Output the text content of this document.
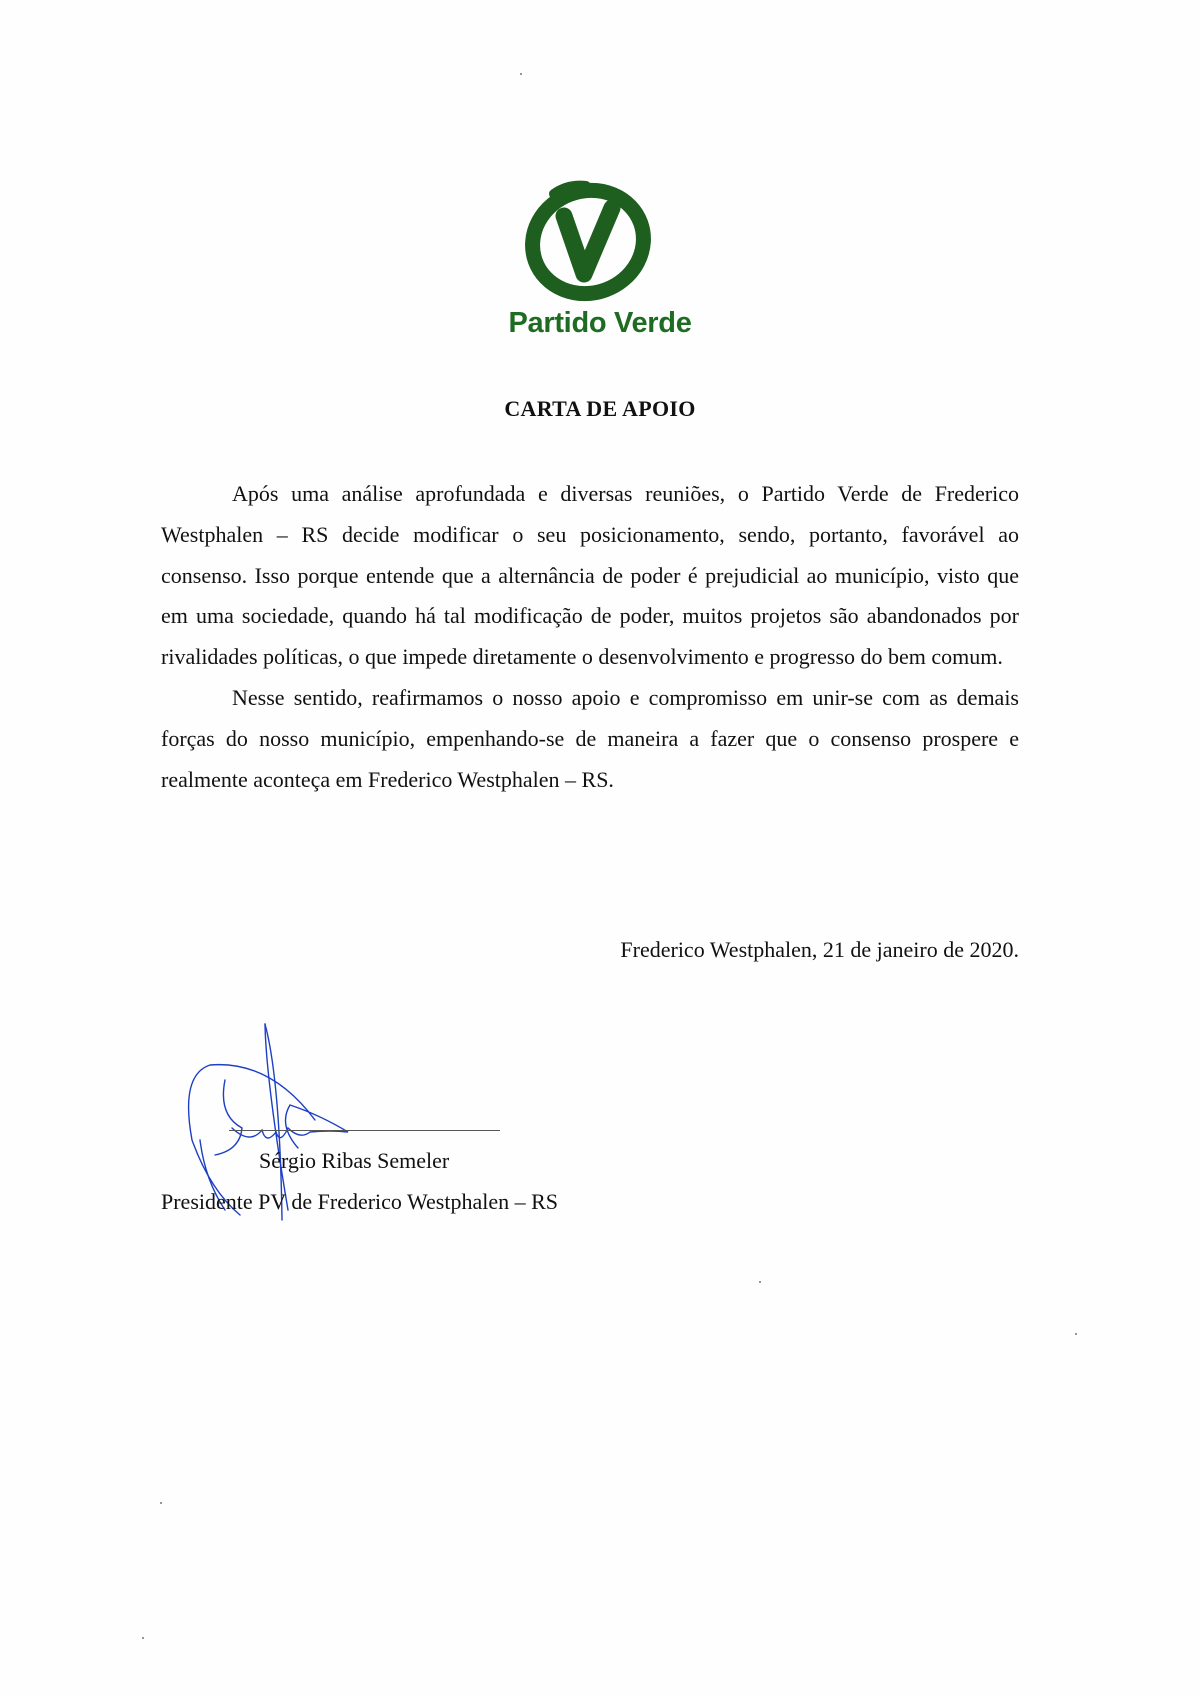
Partido Verde
CARTA DE APOIO

Após uma análise aprofundada e diversas reuniões, o Partido Verde de Frederico Westphalen – RS decide modificar o seu posicionamento, sendo, portanto, favorável ao consenso. Isso porque entende que a alternância de poder é prejudicial ao município, visto que em uma sociedade, quando há tal modificação de poder, muitos projetos são abandonados por rivalidades políticas, o que impede diretamente o desenvolvimento e progresso do bem comum.

Nesse sentido, reafirmamos o nosso apoio e compromisso em unir-se com as demais forças do nosso município, empenhando-se de maneira a fazer que o consenso prospere e realmente aconteça em Frederico Westphalen – RS.

Frederico Westphalen, 21 de janeiro de 2020.
Sérgio Ribas Semeler
Presidente PV de Frederico Westphalen – RS
